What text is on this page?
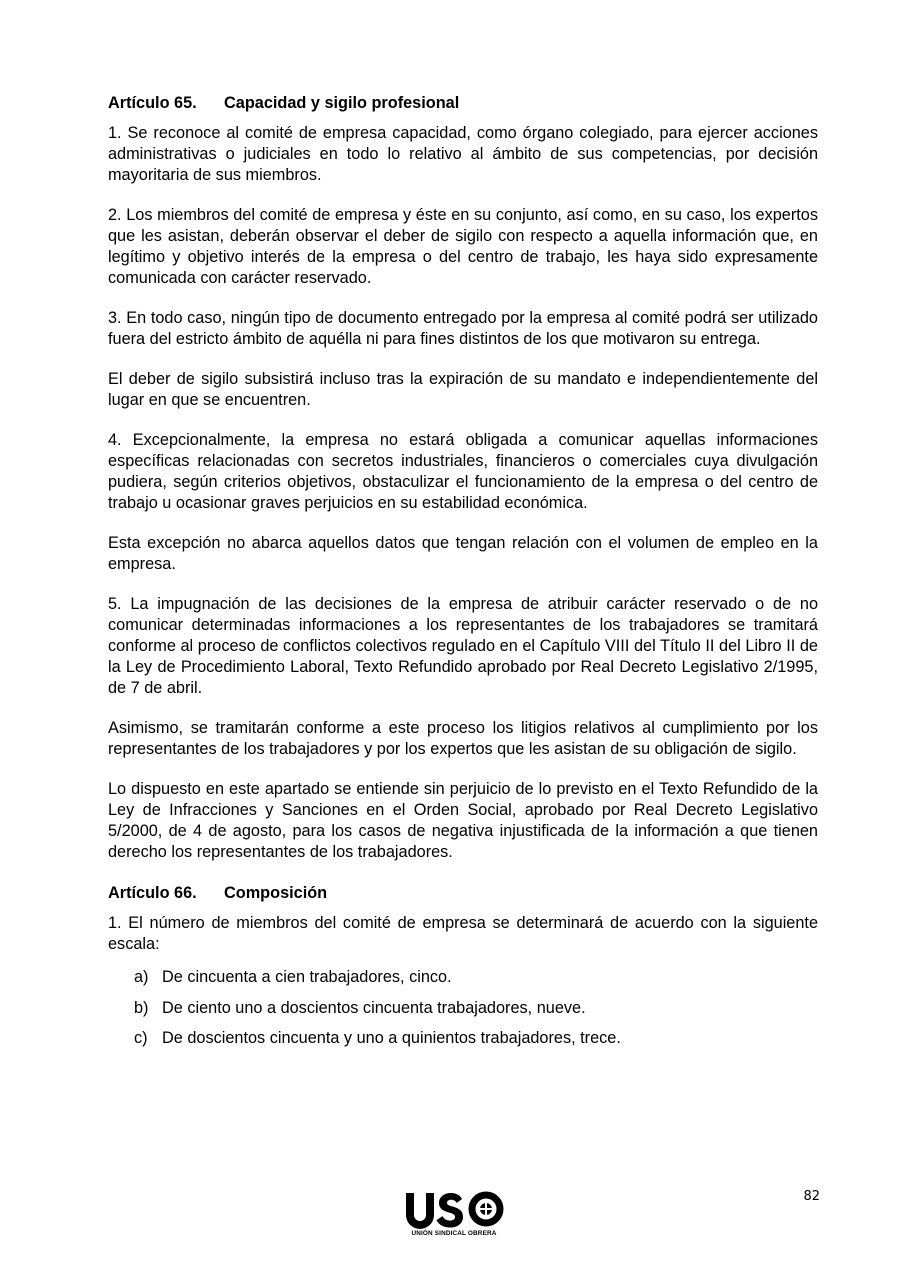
Artículo 65. Capacidad y sigilo profesional

1. Se reconoce al comité de empresa capacidad, como órgano colegiado, para ejercer acciones administrativas o judiciales en todo lo relativo al ámbito de sus competencias, por decisión mayoritaria de sus miembros.

2. Los miembros del comité de empresa y éste en su conjunto, así como, en su caso, los expertos que les asistan, deberán observar el deber de sigilo con respecto a aquella información que, en legítimo y objetivo interés de la empresa o del centro de trabajo, les haya sido expresamente comunicada con carácter reservado.

3. En todo caso, ningún tipo de documento entregado por la empresa al comité podrá ser utilizado fuera del estricto ámbito de aquélla ni para fines distintos de los que motivaron su entrega.

El deber de sigilo subsistirá incluso tras la expiración de su mandato e independientemente del lugar en que se encuentren.

4. Excepcionalmente, la empresa no estará obligada a comunicar aquellas informaciones específicas relacionadas con secretos industriales, financieros o comerciales cuya divulgación pudiera, según criterios objetivos, obstaculizar el funcionamiento de la empresa o del centro de trabajo u ocasionar graves perjuicios en su estabilidad económica.

Esta excepción no abarca aquellos datos que tengan relación con el volumen de empleo en la empresa.

5. La impugnación de las decisiones de la empresa de atribuir carácter reservado o de no comunicar determinadas informaciones a los representantes de los trabajadores se tramitará conforme al proceso de conflictos colectivos regulado en el Capítulo VIII del Título II del Libro II de la Ley de Procedimiento Laboral, Texto Refundido aprobado por Real Decreto Legislativo 2/1995, de 7 de abril.

Asimismo, se tramitarán conforme a este proceso los litigios relativos al cumplimiento por los representantes de los trabajadores y por los expertos que les asistan de su obligación de sigilo.

Lo dispuesto en este apartado se entiende sin perjuicio de lo previsto en el Texto Refundido de la Ley de Infracciones y Sanciones en el Orden Social, aprobado por Real Decreto Legislativo 5/2000, de 4 de agosto, para los casos de negativa injustificada de la información a que tienen derecho los representantes de los trabajadores.

Artículo 66. Composición

1. El número de miembros del comité de empresa se determinará de acuerdo con la siguiente escala:

a) De cincuenta a cien trabajadores, cinco.
b) De ciento uno a doscientos cincuenta trabajadores, nueve.
c) De doscientos cincuenta y uno a quinientos trabajadores, trece.
82
UNIÓN SINDICAL OBRERA
